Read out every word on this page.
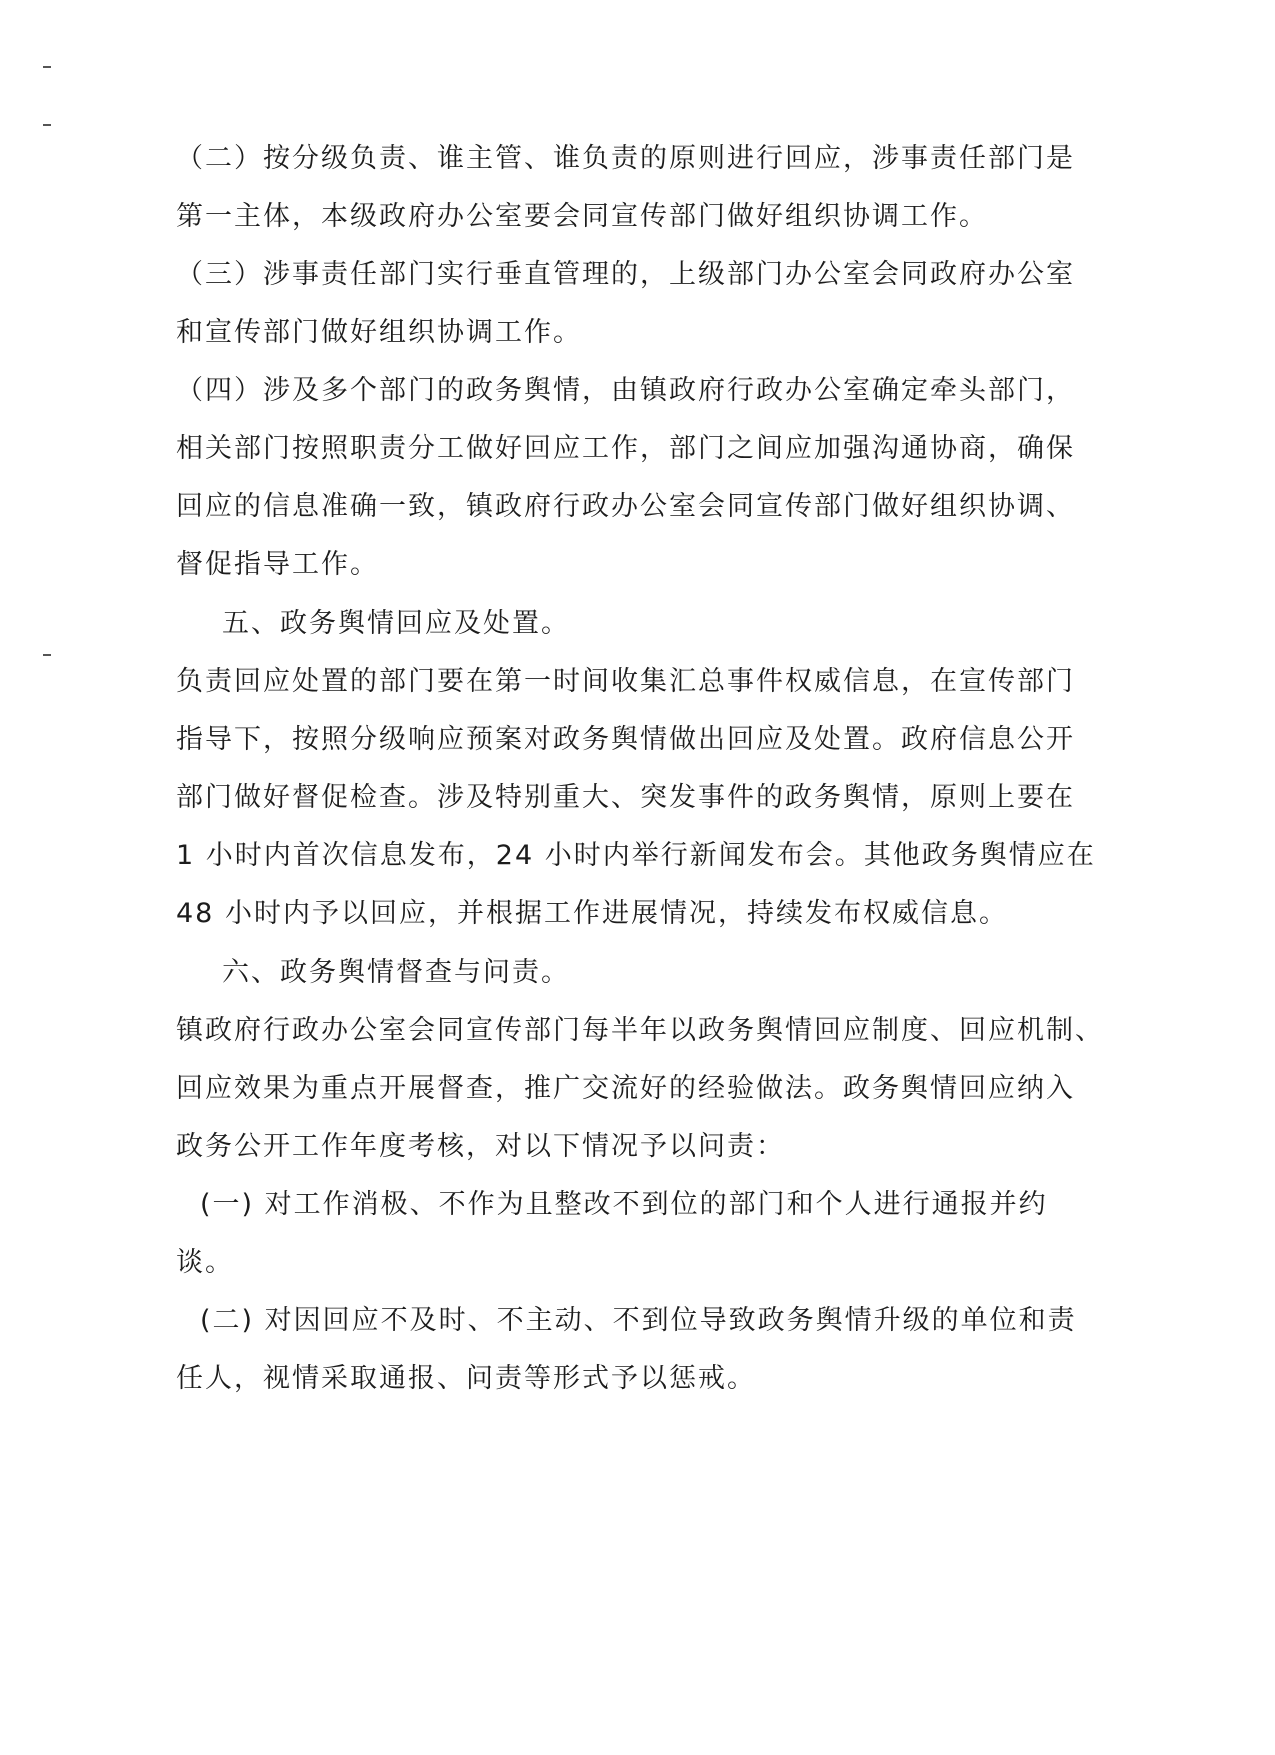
（二）按分级负责、谁主管、谁负责的原则进行回应，涉事责任部门是
第一主体，本级政府办公室要会同宣传部门做好组织协调工作。
（三）涉事责任部门实行垂直管理的，上级部门办公室会同政府办公室
和宣传部门做好组织协调工作。
（四）涉及多个部门的政务舆情，由镇政府行政办公室确定牵头部门，
相关部门按照职责分工做好回应工作，部门之间应加强沟通协商，确保
回应的信息准确一致，镇政府行政办公室会同宣传部门做好组织协调、
督促指导工作。
五、政务舆情回应及处置。
负责回应处置的部门要在第一时间收集汇总事件权威信息，在宣传部门
指导下，按照分级响应预案对政务舆情做出回应及处置。政府信息公开
部门做好督促检查。涉及特别重大、突发事件的政务舆情，原则上要在
1 小时内首次信息发布，24 小时内举行新闻发布会。其他政务舆情应在
48 小时内予以回应，并根据工作进展情况，持续发布权威信息。
六、政务舆情督查与问责。
镇政府行政办公室会同宣传部门每半年以政务舆情回应制度、回应机制、
回应效果为重点开展督查，推广交流好的经验做法。政务舆情回应纳入
政务公开工作年度考核，对以下情况予以问责：
(一) 对工作消极、不作为且整改不到位的部门和个人进行通报并约
谈。
(二) 对因回应不及时、不主动、不到位导致政务舆情升级的单位和责
任人，视情采取通报、问责等形式予以惩戒。
